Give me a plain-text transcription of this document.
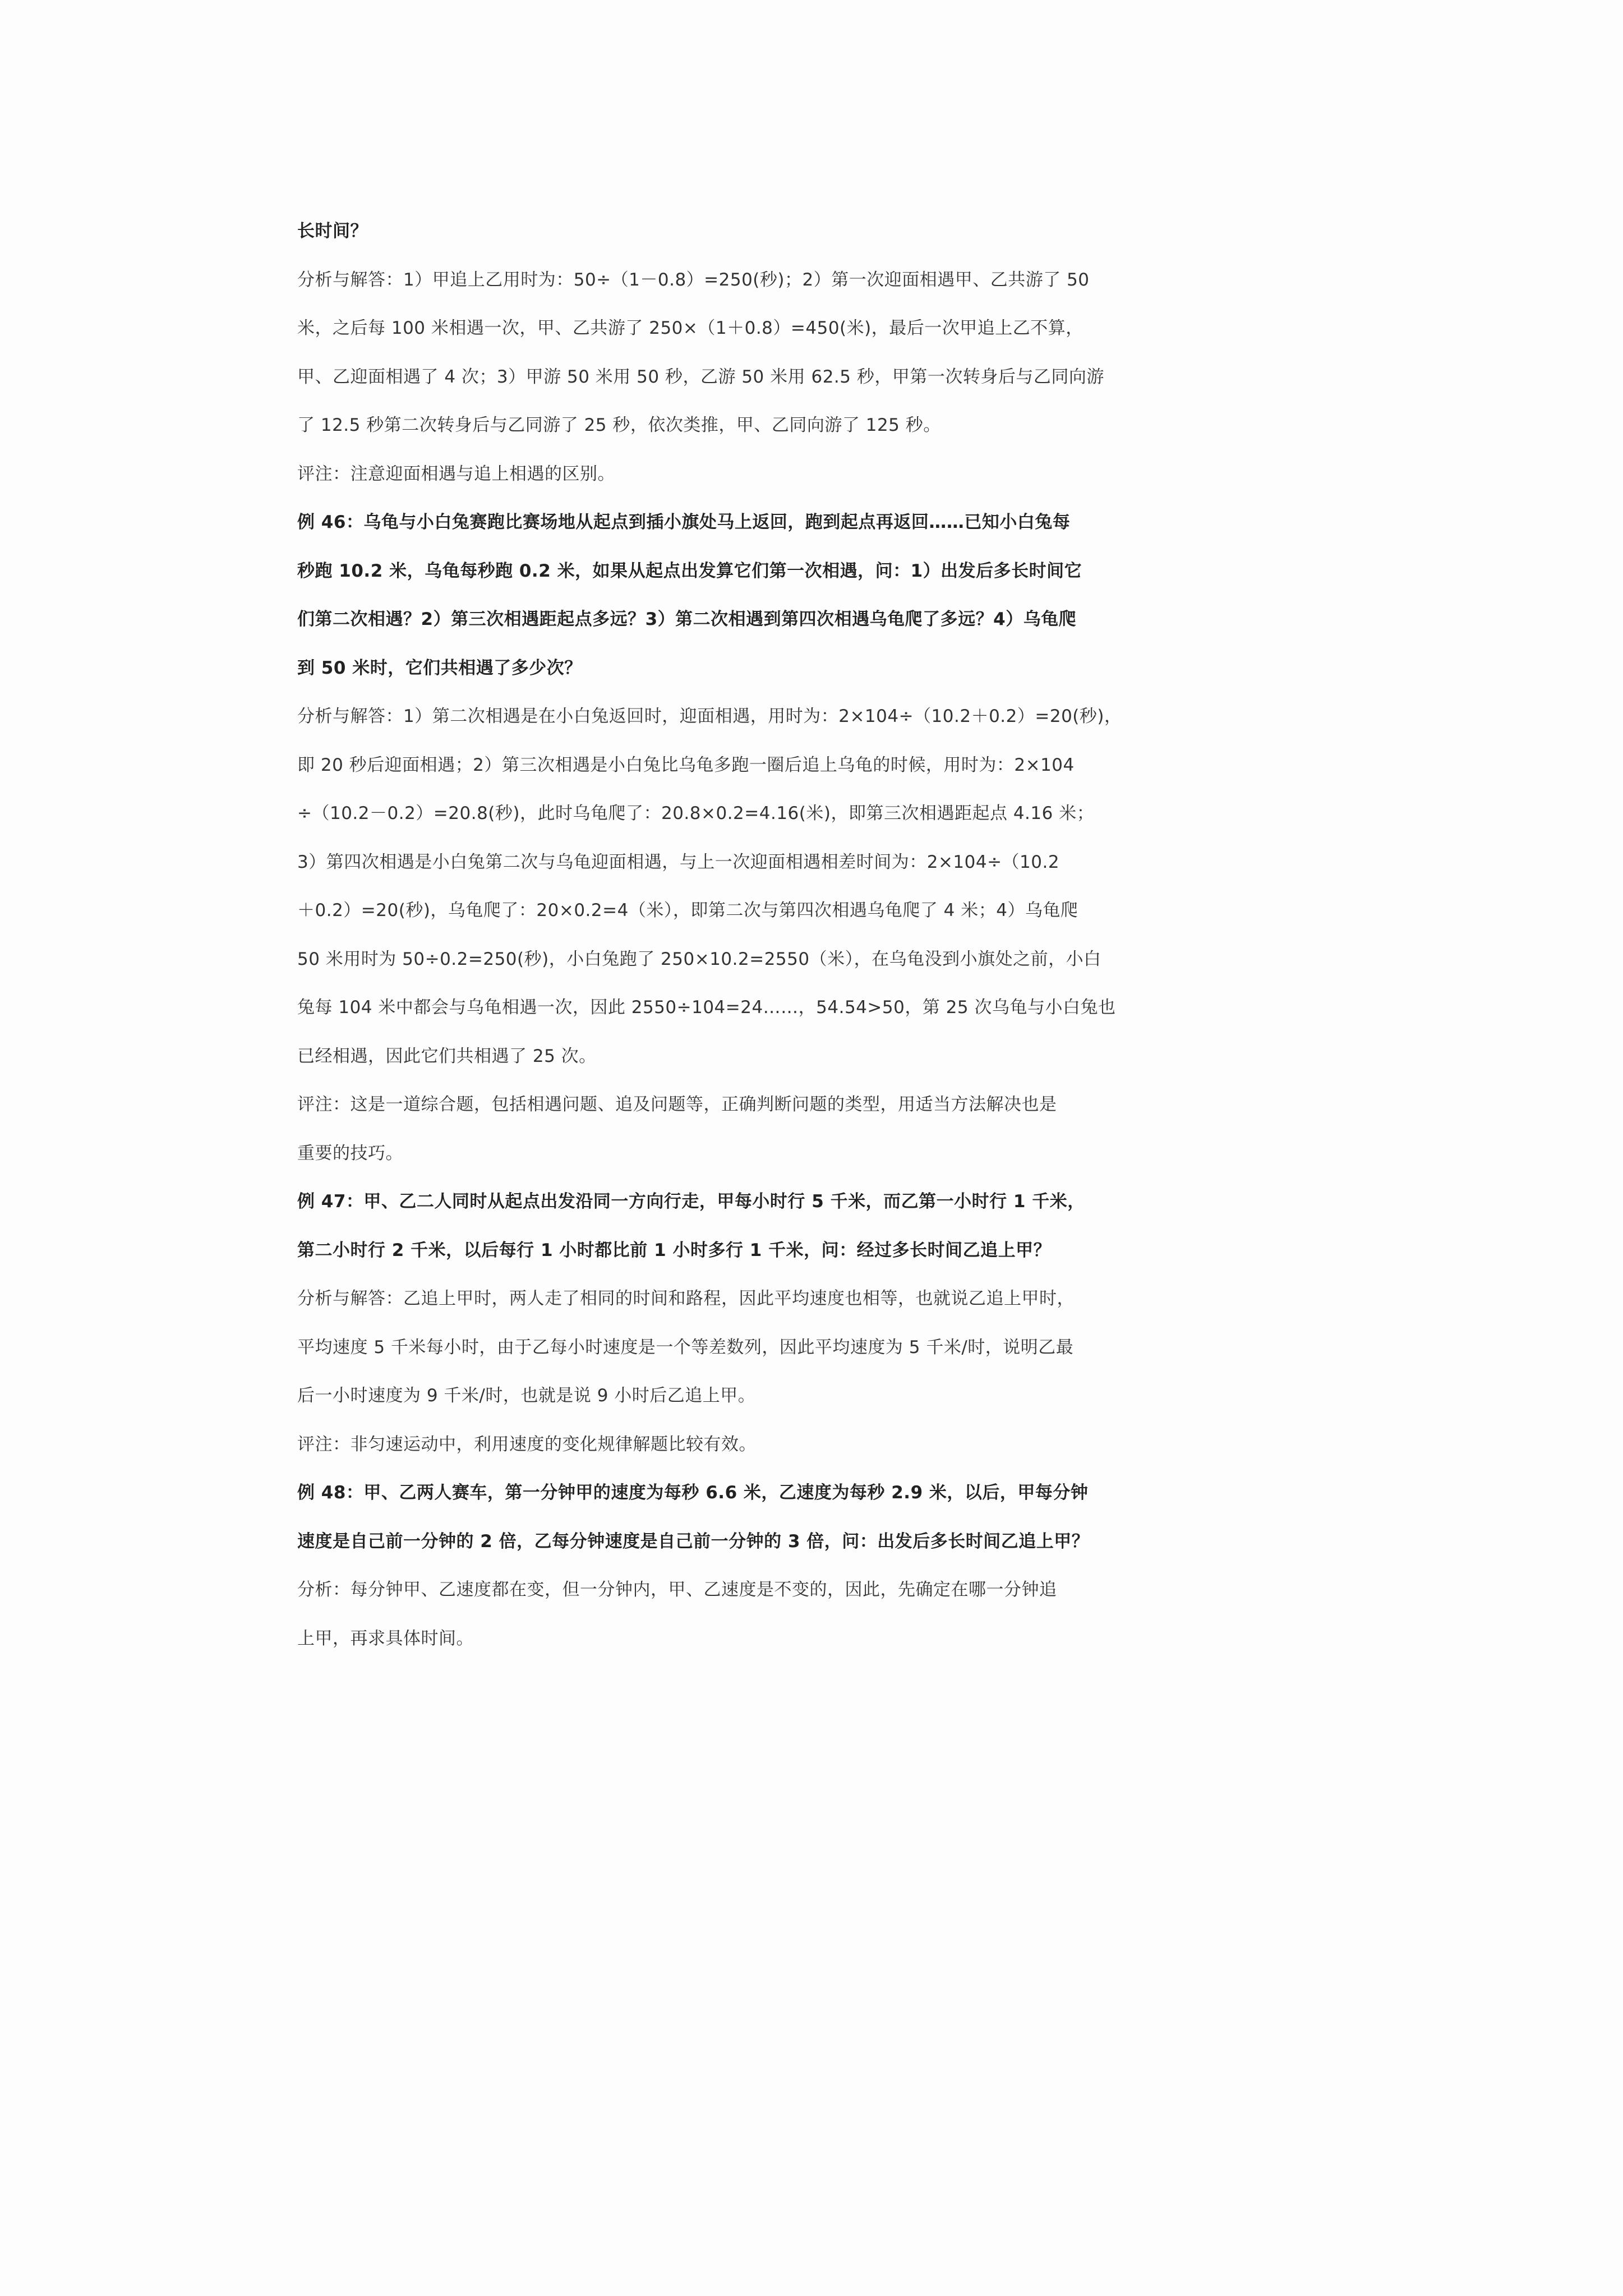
长时间？
分析与解答：1）甲追上乙用时为：50÷（1－0.8）=250(秒)；2）第一次迎面相遇甲、乙共游了 50
米，之后每 100 米相遇一次，甲、乙共游了 250×（1＋0.8）=450(米)，最后一次甲追上乙不算，
甲、乙迎面相遇了 4 次；3）甲游 50 米用 50 秒，乙游 50 米用 62.5 秒，甲第一次转身后与乙同向游
了 12.5 秒第二次转身后与乙同游了 25 秒，依次类推，甲、乙同向游了 125 秒。
评注：注意迎面相遇与追上相遇的区别。
例 46：乌龟与小白兔赛跑比赛场地从起点到插小旗处马上返回，跑到起点再返回……已知小白兔每
秒跑 10.2 米，乌龟每秒跑 0.2 米，如果从起点出发算它们第一次相遇，问：1）出发后多长时间它
们第二次相遇？2）第三次相遇距起点多远？3）第二次相遇到第四次相遇乌龟爬了多远？4）乌龟爬
到 50 米时，它们共相遇了多少次？
分析与解答：1）第二次相遇是在小白兔返回时，迎面相遇，用时为：2×104÷（10.2＋0.2）=20(秒)，
即 20 秒后迎面相遇；2）第三次相遇是小白兔比乌龟多跑一圈后追上乌龟的时候，用时为：2×104
÷（10.2－0.2）=20.8(秒)，此时乌龟爬了：20.8×0.2=4.16(米)，即第三次相遇距起点 4.16 米；
3）第四次相遇是小白兔第二次与乌龟迎面相遇，与上一次迎面相遇相差时间为：2×104÷（10.2
＋0.2）=20(秒)，乌龟爬了：20×0.2=4（米），即第二次与第四次相遇乌龟爬了 4 米；4）乌龟爬
50 米用时为 50÷0.2=250(秒)，小白兔跑了 250×10.2=2550（米），在乌龟没到小旗处之前，小白
兔每 104 米中都会与乌龟相遇一次，因此 2550÷104=24……，54.54>50，第 25 次乌龟与小白兔也
已经相遇，因此它们共相遇了 25 次。
评注：这是一道综合题，包括相遇问题、追及问题等，正确判断问题的类型，用适当方法解决也是
重要的技巧。
例 47：甲、乙二人同时从起点出发沿同一方向行走，甲每小时行 5 千米，而乙第一小时行 1 千米，
第二小时行 2 千米，以后每行 1 小时都比前 1 小时多行 1 千米，问：经过多长时间乙追上甲？
分析与解答：乙追上甲时，两人走了相同的时间和路程，因此平均速度也相等，也就说乙追上甲时，
平均速度 5 千米每小时，由于乙每小时速度是一个等差数列，因此平均速度为 5 千米/时，说明乙最
后一小时速度为 9 千米/时，也就是说 9 小时后乙追上甲。
评注：非匀速运动中，利用速度的变化规律解题比较有效。
例 48：甲、乙两人赛车，第一分钟甲的速度为每秒 6.6 米，乙速度为每秒 2.9 米，以后，甲每分钟
速度是自己前一分钟的 2 倍，乙每分钟速度是自己前一分钟的 3 倍，问：出发后多长时间乙追上甲？
分析：每分钟甲、乙速度都在变，但一分钟内，甲、乙速度是不变的，因此，先确定在哪一分钟追
上甲，再求具体时间。
